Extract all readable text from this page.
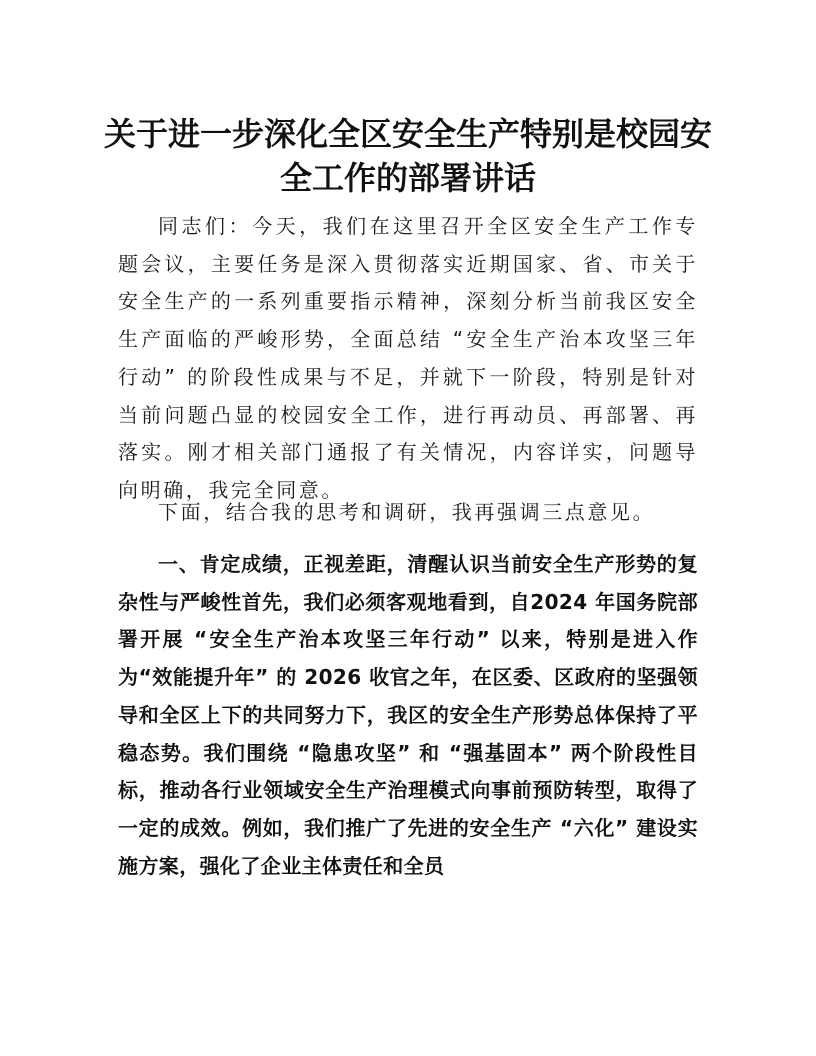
关于进一步深化全区安全生产特别是校园安全工作的部署讲话

同志们：今天，我们在这里召开全区安全生产工作专题会议，主要任务是深入贯彻落实近期国家、省、市关于安全生产的一系列重要指示精神，深刻分析当前我区安全生产面临的严峻形势，全面总结 “安全生产治本攻坚三年行动” 的阶段性成果与不足，并就下一阶段，特别是针对当前问题凸显的校园安全工作，进行再动员、再部署、再落实。刚才相关部门通报了有关情况，内容详实，问题导向明确，我完全同意。

下面，结合我的思考和调研，我再强调三点意见。

一、肯定成绩，正视差距，清醒认识当前安全生产形势的复杂性与严峻性首先，我们必须客观地看到，自2024 年国务院部署开展 “安全生产治本攻坚三年行动” 以来，特别是进入作为“效能提升年” 的 2026 收官之年，在区委、区政府的坚强领导和全区上下的共同努力下，我区的安全生产形势总体保持了平稳态势。我们围绕 “隐患攻坚” 和 “强基固本” 两个阶段性目标，推动各行业领域安全生产治理模式向事前预防转型，取得了一定的成效。例如，我们推广了先进的安全生产 “六化” 建设实施方案，强化了企业主体责任和全员
